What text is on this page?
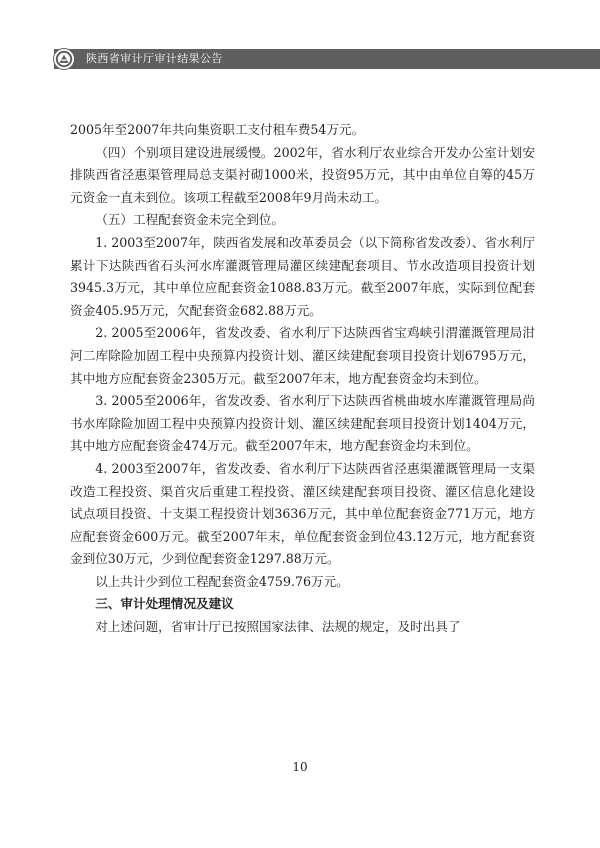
陕西省审计厅审计结果公告

2005年至2007年共向集资职工支付租车费54万元。

（四）个别项目建设进展缓慢。2002年，省水利厅农业综合开发办公室计划安排陕西省泾惠渠管理局总支渠衬砌1000米，投资95万元，其中由单位自筹的45万元资金一直未到位。该项工程截至2008年9月尚未动工。

（五）工程配套资金未完全到位。

1. 2003至2007年，陕西省发展和改革委员会（以下简称省发改委）、省水利厅累计下达陕西省石头河水库灌溉管理局灌区续建配套项目、节水改造项目投资计划3945.3万元，其中单位应配套资金1088.83万元。截至2007年底，实际到位配套资金405.95万元，欠配套资金682.88万元。

2. 2005至2006年，省发改委、省水利厅下达陕西省宝鸡峡引渭灌溉管理局泔河二库除险加固工程中央预算内投资计划、灌区续建配套项目投资计划6795万元，其中地方应配套资金2305万元。截至2007年末，地方配套资金均未到位。

3. 2005至2006年，省发改委、省水利厅下达陕西省桃曲坡水库灌溉管理局尚书水库除险加固工程中央预算内投资计划、灌区续建配套项目投资计划1404万元，其中地方应配套资金474万元。截至2007年末，地方配套资金均未到位。

4. 2003至2007年，省发改委、省水利厅下达陕西省泾惠渠灌溉管理局一支渠改造工程投资、渠首灾后重建工程投资、灌区续建配套项目投资、灌区信息化建设试点项目投资、十支渠工程投资计划3636万元，其中单位配套资金771万元，地方应配套资金600万元。截至2007年末，单位配套资金到位43.12万元，地方配套资金到位30万元，少到位配套资金1297.88万元。

以上共计少到位工程配套资金4759.76万元。

三、审计处理情况及建议

对上述问题，省审计厅已按照国家法律、法规的规定，及时出具了

10
